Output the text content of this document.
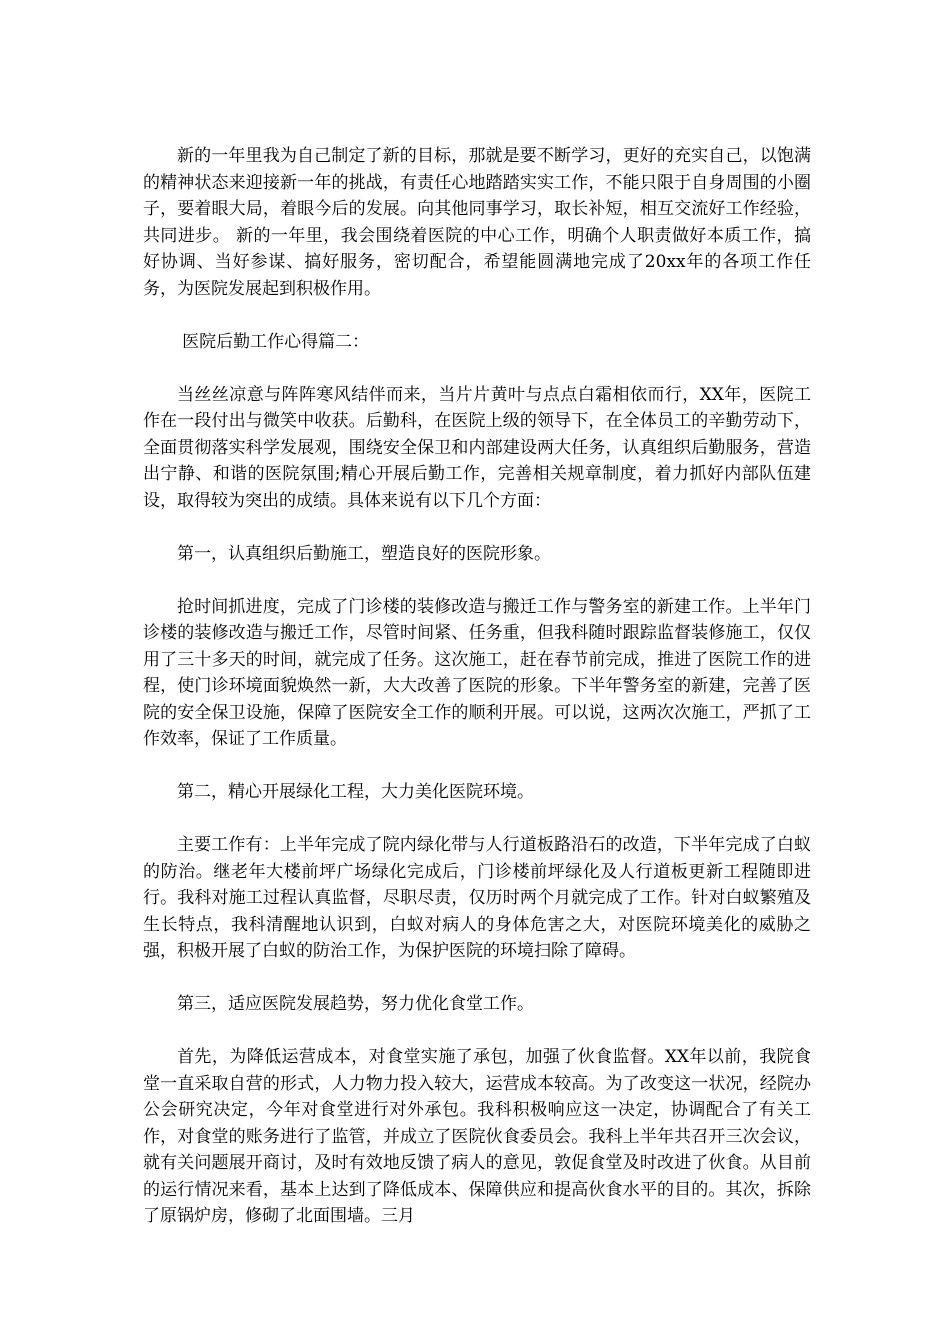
新的一年里我为自己制定了新的目标，那就是要不断学习，更好的充实自己，以饱满的精神状态来迎接新一年的挑战，有责任心地踏踏实实工作，不能只限于自身周围的小圈子，要着眼大局，着眼今后的发展。向其他同事学习，取长补短，相互交流好工作经验，共同进步。 新的一年里，我会围绕着医院的中心工作，明确个人职责做好本质工作，搞好协调、当好参谋、搞好服务，密切配合，希望能圆满地完成了20xx年的各项工作任务，为医院发展起到积极作用。

医院后勤工作心得篇二：

当丝丝凉意与阵阵寒风结伴而来，当片片黄叶与点点白霜相依而行，XX年，医院工作在一段付出与微笑中收获。后勤科，在医院上级的领导下，在全体员工的辛勤劳动下，全面贯彻落实科学发展观，围绕安全保卫和内部建设两大任务，认真组织后勤服务，营造出宁静、和谐的医院氛围;精心开展后勤工作，完善相关规章制度，着力抓好内部队伍建设，取得较为突出的成绩。具体来说有以下几个方面：

第一，认真组织后勤施工，塑造良好的医院形象。

抢时间抓进度，完成了门诊楼的装修改造与搬迁工作与警务室的新建工作。上半年门诊楼的装修改造与搬迁工作，尽管时间紧、任务重，但我科随时跟踪监督装修施工，仅仅用了三十多天的时间，就完成了任务。这次施工，赶在春节前完成，推进了医院工作的进程，使门诊环境面貌焕然一新，大大改善了医院的形象。下半年警务室的新建，完善了医院的安全保卫设施，保障了医院安全工作的顺利开展。可以说，这两次次施工，严抓了工作效率，保证了工作质量。

第二，精心开展绿化工程，大力美化医院环境。

主要工作有：上半年完成了院内绿化带与人行道板路沿石的改造，下半年完成了白蚁的防治。继老年大楼前坪广场绿化完成后，门诊楼前坪绿化及人行道板更新工程随即进行。我科对施工过程认真监督，尽职尽责，仅历时两个月就完成了工作。针对白蚁繁殖及生长特点，我科清醒地认识到，白蚁对病人的身体危害之大，对医院环境美化的威胁之强，积极开展了白蚁的防治工作，为保护医院的环境扫除了障碍。

第三，适应医院发展趋势，努力优化食堂工作。

首先，为降低运营成本，对食堂实施了承包，加强了伙食监督。XX年以前，我院食堂一直采取自营的形式，人力物力投入较大，运营成本较高。为了改变这一状况，经院办公会研究决定，今年对食堂进行对外承包。我科积极响应这一决定，协调配合了有关工作，对食堂的账务进行了监管，并成立了医院伙食委员会。我科上半年共召开三次会议，就有关问题展开商讨，及时有效地反馈了病人的意见，敦促食堂及时改进了伙食。从目前的运行情况来看，基本上达到了降低成本、保障供应和提高伙食水平的目的。其次，拆除了原锅炉房，修砌了北面围墙。三月
